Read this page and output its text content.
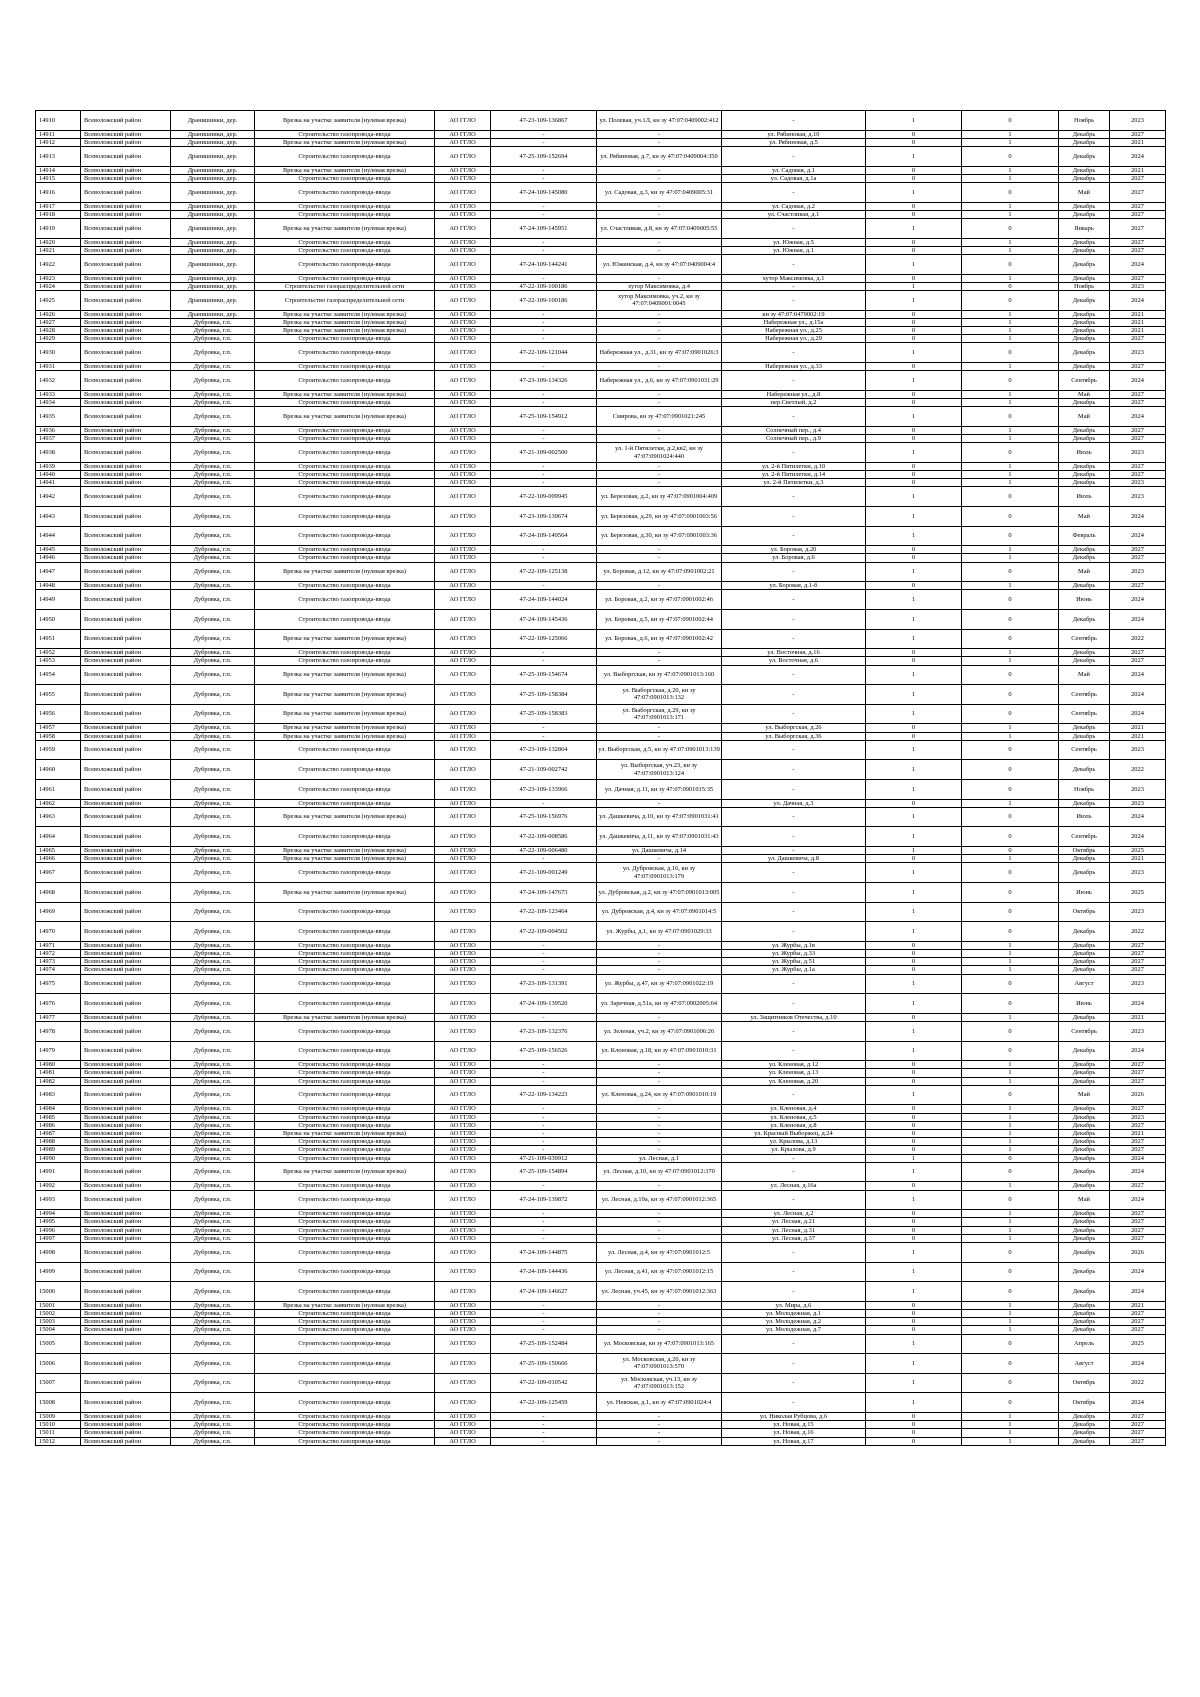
14910	Всеволожский район	Дранишники, дер.	Врезка на участке заявителя (нулевая врезка)	АО ГГЛО	47-23-109-136867	ул. Полевая, уч.1Л, кн зу 47:07:0409002:412	-	1	0	Ноябрь	2023
14911	Всеволожский район	Дранишники, дер.	Строительство газопровода-ввода	АО ГГЛО	-	-	ул. Рябиновая, д.10	0	1	Декабрь	2027
14912	Всеволожский район	Дранишники, дер.	Врезка на участке заявителя (нулевая врезка)	АО ГГЛО	-	-	ул. Рябиновая, д.5	0	1	Декабрь	2021
14913	Всеволожский район	Дранишники, дер.	Строительство газопровода-ввода	АО ГГЛО	47-25-109-152694	ул. Рябиновая, д.7, кн зу 47:07:0409004:350	-	1	0	Декабрь	2024
14914	Всеволожский район	Дранишники, дер.	Врезка на участке заявителя (нулевая врезка)	АО ГГЛО	-	-	ул. Садовая, д.1	0	1	Декабрь	2021
14915	Всеволожский район	Дранишники, дер.	Строительство газопровода-ввода	АО ГГЛО	-	-	ул. Садовая, д.1а	0	1	Декабрь	2027
14916	Всеволожский район	Дранишники, дер.	Строительство газопровода-ввода	АО ГГЛО	47-24-109-145080	ул. Садовая, д.3, кн зу 47:07:0409005:31	-	1	0	Май	2027
14917	Всеволожский район	Дранишники, дер.	Строительство газопровода-ввода	АО ГГЛО	-	-	ул. Садовая, д.2	0	1	Декабрь	2027
14918	Всеволожский район	Дранишники, дер.	Строительство газопровода-ввода	АО ГГЛО	-	-	ул. Счастливая, д.1	0	1	Декабрь	2027
14919	Всеволожский район	Дранишники, дер.	Врезка на участке заявителя (нулевая врезка)	АО ГГЛО	47-24-109-145951	ул. Счастливая, д.8, кн зу 47:07:0409005:55	-	1	0	Январь	2027
14920	Всеволожский район	Дранишники, дер.	Строительство газопровода-ввода	АО ГГЛО	-	-	ул. Южная, д.5	0	1	Декабрь	2027
14921	Всеволожский район	Дранишники, дер.	Строительство газопровода-ввода	АО ГГЛО	-	-	ул. Южная, д.1	0	1	Декабрь	2027
14922	Всеволожский район	Дранишники, дер.	Строительство газопровода-ввода	АО ГГЛО	47-24-109-144241	ул. Южинская, д.4, кн зу 47:07:0409004:4	-	1	0	Декабрь	2024
14923	Всеволожский район	Дранишники, дер.	Строительство газопровода-ввода	АО ГГЛО	-	-	хутор Максимовка, д.1	0	1	Декабрь	2027
14924	Всеволожский район	Дранишники, дер.	Строительство газораспределительной сети	АО ГГЛО	47-22-109-100186	хутор Максимовка, д.4	-	1	0	Ноябрь	2023
14925	Всеволожский район	Дранишники, дер.	Строительство газораспределительной сети	АО ГГЛО	47-22-109-100186	хутор Максимовка, уч.2, кн зу 47:07:0409001:0045	-	1	0	Декабрь	2024
14926	Всеволожский район	Дранишники, дер.	Врезка на участке заявителя (нулевая врезка)	АО ГГЛО	-	-	кн зу 47:07:0479002:19	0	1	Декабрь	2021
14927	Всеволожский район	Дубровка, г.п.	Врезка на участке заявителя (нулевая врезка)	АО ГГЛО	-	-	Набережная ул., д.15а	0	1	Декабрь	2021
14928	Всеволожский район	Дубровка, г.п.	Врезка на участке заявителя (нулевая врезка)	АО ГГЛО	-	-	Набережная ул., д.25	0	1	Декабрь	2021
14929	Всеволожский район	Дубровка, г.п.	Строительство газопровода-ввода	АО ГГЛО	-	-	Набережная ул., д.29	0	1	Декабрь	2027
14930	Всеволожский район	Дубровка, г.п.	Строительство газопровода-ввода	АО ГГЛО	47-22-109-121044	Набережная ул., д.31, кн зу 47:07:0901026:3	-	1	0	Декабрь	2023
14931	Всеволожский район	Дубровка, г.п.	Строительство газопровода-ввода	АО ГГЛО	-	-	Набережная ул., д.33	0	1	Декабрь	2027
14932	Всеволожский район	Дубровка, г.п.	Строительство газопровода-ввода	АО ГГЛО	47-23-109-134326	Набережная ул., д.6, кн зу 47:07:0901031:29	-	1	0	Сентябрь	2024
14933	Всеволожский район	Дубровка, г.п.	Врезка на участке заявителя (нулевая врезка)	АО ГГЛО	-	-	Набережная ул., д.8	0	1	Май	2027
14934	Всеволожский район	Дубровка, г.п.	Строительство газопровода-ввода	АО ГГЛО	-	-	пер.Светлый, д.2	0	1	Декабрь	2027
14935	Всеволожский район	Дубровка, г.п.	Врезка на участке заявителя (нулевая врезка)	АО ГГЛО	47-25-109-154912	Смирова, кн зу 47:07:0901021:245	-	1	0	Май	2024
14936	Всеволожский район	Дубровка, г.п.	Строительство газопровода-ввода	АО ГГЛО	-	-	Солнечный пер., д.4	0	1	Декабрь	2027
14937	Всеволожский район	Дубровка, г.п.	Строительство газопровода-ввода	АО ГГЛО	-	-	Солнечный пер., д.9	0	1	Декабрь	2027
14938	Всеволожский район	Дубровка, г.п.	Строительство газопровода-ввода	АО ГГЛО	47-21-109-002500	ул. 1-й Пятилетки, д.2,кв2, кн зу 47:07:0901024:440	-	1	0	Июль	2023
14939	Всеволожский район	Дубровка, г.п.	Строительство газопровода-ввода	АО ГГЛО	-	-	ул. 2-й Пятилетки, д.10	0	1	Декабрь	2027
14940	Всеволожский район	Дубровка, г.п.	Строительство газопровода-ввода	АО ГГЛО	-	-	ул. 2-й Пятилетки, д.14	0	1	Декабрь	2027
14941	Всеволожский район	Дубровка, г.п.	Строительство газопровода-ввода	АО ГГЛО	-	-	ул. 2-й Пятилетки, д.3	0	1	Декабрь	2023
14942	Всеволожский район	Дубровка, г.п.	Строительство газопровода-ввода	АО ГГЛО	47-22-109-009945	ул. Березовая, д.2, кн зу 47:07:0901004:409	-	1	0	Июль	2023
14943	Всеволожский район	Дубровка, г.п.	Строительство газопровода-ввода	АО ГГЛО	47-23-109-139674	ул. Березовая, д.29, кн зу 47:07:0901003:56	-	1	0	Май	2024
14944	Всеволожский район	Дубровка, г.п.	Строительство газопровода-ввода	АО ГГЛО	47-24-109-149564	ул. Березовая, д.30, кн зу 47:07:0901003:36	-	1	0	Февраль	2024
14945	Всеволожский район	Дубровка, г.п.	Строительство газопровода-ввода	АО ГГЛО	-	-	ул. Боровая, д.20	0	1	Декабрь	2027
14946	Всеволожский район	Дубровка, г.п.	Строительство газопровода-ввода	АО ГГЛО	-	-	ул. Боровая, д.6	0	1	Декабрь	2027
14947	Всеволожский район	Дубровка, г.п.	Врезка на участке заявителя (нулевая врезка)	АО ГГЛО	47-22-109-125138	ул. Боровая, д.12, кн зу 47:07:0901002:21	-	1	0	Май	2023
14948	Всеволожский район	Дубровка, г.п.	Строительство газопровода-ввода	АО ГГЛО	-	-	ул. Боровая, д.1-б	0	1	Декабрь	2027
14949	Всеволожский район	Дубровка, г.п.	Строительство газопровода-ввода	АО ГГЛО	47-24-109-144024	ул. Боровая, д.2, кн зу 47:07:0901002:46	-	1	0	Июнь	2024
14950	Всеволожский район	Дубровка, г.п.	Строительство газопровода-ввода	АО ГГЛО	47-24-109-145436	ул. Боровая, д.5, кн зу 47:07:0901002:44	-	1	0	Декабрь	2024
14951	Всеволожский район	Дубровка, г.п.	Врезка на участке заявителя (нулевая врезка)	АО ГГЛО	47-22-109-125066	ул. Боровая, д.6, кн зу 47:07:0901002:42	-	1	0	Сентябрь	2022
14952	Всеволожский район	Дубровка, г.п.	Строительство газопровода-ввода	АО ГГЛО	-	-	ул. Восточная, д.16	0	1	Декабрь	2027
14953	Всеволожский район	Дубровка, г.п.	Строительство газопровода-ввода	АО ГГЛО	-	-	ул. Восточная, д.6	0	1	Декабрь	2027
14954	Всеволожский район	Дубровка, г.п.	Врезка на участке заявителя (нулевая врезка)	АО ГГЛО	47-25-109-154674	ул. Выборгская, кн зу 47:07:0901013:160	-	1	0	Май	2024
14955	Всеволожский район	Дубровка, г.п.	Врезка на участке заявителя (нулевая врезка)	АО ГГЛО	47-25-109-158384	ул. Выборгская, д.20, кн зу 47:07:0901013:132	-	1	0	Сентябрь	2024
14956	Всеволожский район	Дубровка, г.п.	Врезка на участке заявителя (нулевая врезка)	АО ГГЛО	47-25-109-158383	ул. Выборгская, д.29, кн зу 47:07:0901013:171	-	1	0	Сентябрь	2024
14957	Всеволожский район	Дубровка, г.п.	Врезка на участке заявителя (нулевая врезка)	АО ГГЛО	-	-	ул. Выборгская, д.26	0	1	Декабрь	2021
14958	Всеволожский район	Дубровка, г.п.	Врезка на участке заявителя (нулевая врезка)	АО ГГЛО	-	-	ул. Выборгская, д.36	0	1	Декабрь	2021
14959	Всеволожский район	Дубровка, г.п.	Строительство газопровода-ввода	АО ГГЛО	47-23-109-132864	ул. Выборгская, д.5, кн зу 47:07:0901013:139	-	1	0	Сентябрь	2023
14960	Всеволожский район	Дубровка, г.п.	Строительство газопровода-ввода	АО ГГЛО	47-21-109-002742	ул. Выборгская, уч.23, кн зу 47:07:0901013:124	-	1	0	Декабрь	2022
14961	Всеволожский район	Дубровка, г.п.	Строительство газопровода-ввода	АО ГГЛО	47-23-109-133966	ул. Дачная, д.11, кн зу 47:07:0901015:35	-	1	0	Ноябрь	2023
14962	Всеволожский район	Дубровка, г.п.	Строительство газопровода-ввода	АО ГГЛО	-	-	ул. Дачная, д.3	0	1	Декабрь	2023
14963	Всеволожский район	Дубровка, г.п.	Врезка на участке заявителя (нулевая врезка)	АО ГГЛО	47-25-109-156976	ул. Дашкевича, д.10, кн зу 47:07:0901031:41	-	1	0	Июль	2024
14964	Всеволожский район	Дубровка, г.п.	Строительство газопровода-ввода	АО ГГЛО	47-22-109-008586	ул. Дашкевича, д.11, кн зу 47:07:0901031:43	-	1	0	Сентябрь	2024
14965	Всеволожский район	Дубровка, г.п.	Врезка на участке заявителя (нулевая врезка)	АО ГГЛО	47-22-109-006480	ул. Дашкевича, д.14	-	1	0	Октябрь	2025
14966	Всеволожский район	Дубровка, г.п.	Врезка на участке заявителя (нулевая врезка)	АО ГГЛО	-	-	ул. Дашкевича, д.8	0	1	Декабрь	2021
14967	Всеволожский район	Дубровка, г.п.	Строительство газопровода-ввода	АО ГГЛО	47-21-109-001249	ул. Дубровская, д.16, кн зу 47:07:0901013:179	-	1	0	Декабрь	2023
14968	Всеволожский район	Дубровка, г.п.	Врезка на участке заявителя (нулевая врезка)	АО ГГЛО	47-24-109-147673	ул. Дубровская, д.2, кн зу 47:07:0901013:005	-	1	0	Июнь	2025
14969	Всеволожский район	Дубровка, г.п.	Строительство газопровода-ввода	АО ГГЛО	47-22-109-123464	ул. Дубровская, д.4, кн зу 47:07:0901014:5	-	1	0	Октябрь	2023
14970	Всеволожский район	Дубровка, г.п.	Строительство газопровода-ввода	АО ГГЛО	47-22-109-004502	ул. Журбы, д.1, кн зу 47:07:0901029:33	-	1	0	Декабрь	2022
14971	Всеволожский район	Дубровка, г.п.	Строительство газопровода-ввода	АО ГГЛО	-	-	ул. Журбы, д.1в	0	1	Декабрь	2027
14972	Всеволожский район	Дубровка, г.п.	Строительство газопровода-ввода	АО ГГЛО	-	-	ул. Журбы, д.33	0	1	Декабрь	2027
14973	Всеволожский район	Дубровка, г.п.	Строительство газопровода-ввода	АО ГГЛО	-	-	ул. Журбы, д.51	0	1	Декабрь	2027
14974	Всеволожский район	Дубровка, г.п.	Строительство газопровода-ввода	АО ГГЛО	-	-	ул. Журбы, д.1а	0	1	Декабрь	2027
14975	Всеволожский район	Дубровка, г.п.	Строительство газопровода-ввода	АО ГГЛО	47-23-109-131391	ул. Журбы, д.47, кн зу 47:07:0901022:19	-	1	0	Август	2023
14976	Всеволожский район	Дубровка, г.п.	Строительство газопровода-ввода	АО ГГЛО	47-24-109-139520	ул. Заречная, д.51а, кн зу 47:07:0902005:64	-	1	0	Июнь	2024
14977	Всеволожский район	Дубровка, г.п.	Врезка на участке заявителя (нулевая врезка)	АО ГГЛО	-	-	ул. Защитников Отечества, д.10	0	1	Декабрь	2021
14978	Всеволожский район	Дубровка, г.п.	Строительство газопровода-ввода	АО ГГЛО	47-23-109-132376	ул. Зеленая, уч.2, кн зу 47:07:0901006:26	-	1	0	Сентябрь	2023
14979	Всеволожский район	Дубровка, г.п.	Строительство газопровода-ввода	АО ГГЛО	47-25-109-156526	ул. Клоновая, д.18, кн зу 47:07:0901010:31	-	1	0	Декабрь	2024
14980	Всеволожский район	Дубровка, г.п.	Строительство газопровода-ввода	АО ГГЛО	-	-	ул. Кленовая, д.12	0	1	Декабрь	2027
14981	Всеволожский район	Дубровка, г.п.	Строительство газопровода-ввода	АО ГГЛО	-	-	ул. Кленовая, д.13	0	1	Декабрь	2027
14982	Всеволожский район	Дубровка, г.п.	Строительство газопровода-ввода	АО ГГЛО	-	-	ул. Кленовая, д.20	0	1	Декабрь	2027
14983	Всеволожский район	Дубровка, г.п.	Строительство газопровода-ввода	АО ГГЛО	47-22-109-134223	ул. Кленовая, д.24, кн зу 47:07:0901010:19	-	1	0	Май	2026
14984	Всеволожский район	Дубровка, г.п.	Строительство газопровода-ввода	АО ГГЛО	-	-	ул. Кленовая, д.4	0	1	Декабрь	2027
14985	Всеволожский район	Дубровка, г.п.	Строительство газопровода-ввода	АО ГГЛО	-	-	ул. Кленовая, д.5	0	1	Декабрь	2023
14986	Всеволожский район	Дубровка, г.п.	Строительство газопровода-ввода	АО ГГЛО	-	-	ул. Кленовая, д.8	0	1	Декабрь	2027
14987	Всеволожский район	Дубровка, г.п.	Врезка на участке заявителя (нулевая врезка)	АО ГГЛО	-	-	ул. Красный Выборжец, д.24	0	1	Декабрь	2021
14988	Всеволожский район	Дубровка, г.п.	Строительство газопровода-ввода	АО ГГЛО	-	-	ул. Крылова, д.13	0	1	Декабрь	2027
14989	Всеволожский район	Дубровка, г.п.	Строительство газопровода-ввода	АО ГГЛО	-	-	ул. Крылова, д.9	0	1	Декабрь	2027
14990	Всеволожский район	Дубровка, г.п.	Строительство газопровода-ввода	АО ГГЛО	47-21-109-039912	ул. Лесная, д.1	-	1	0	Декабрь	2024
14991	Всеволожский район	Дубровка, г.п.	Врезка на участке заявителя (нулевая врезка)	АО ГГЛО	47-25-109-154894	ул. Лесная, д.10, кн зу 47:07:0901012:370	-	1	0	Декабрь	2024
14992	Всеволожский район	Дубровка, г.п.	Строительство газопровода-ввода	АО ГГЛО	-	-	ул. Лесная, д.16а	0	1	Декабрь	2027
14993	Всеволожский район	Дубровка, г.п.	Строительство газопровода-ввода	АО ГГЛО	47-24-109-139872	ул. Лесная, д.19а, кн зу 47:07:0901012:365	-	1	0	Май	2024
14994	Всеволожский район	Дубровка, г.п.	Строительство газопровода-ввода	АО ГГЛО	-	-	ул. Лесная, д.2	0	1	Декабрь	2027
14995	Всеволожский район	Дубровка, г.п.	Строительство газопровода-ввода	АО ГГЛО	-	-	ул. Лесная, д.21	0	1	Декабрь	2027
14996	Всеволожский район	Дубровка, г.п.	Строительство газопровода-ввода	АО ГГЛО	-	-	ул. Лесная, д.31	0	1	Декабрь	2027
14997	Всеволожский район	Дубровка, г.п.	Строительство газопровода-ввода	АО ГГЛО	-	-	ул. Лесная, д.37	0	1	Декабрь	2027
14998	Всеволожский район	Дубровка, г.п.	Строительство газопровода-ввода	АО ГГЛО	47-24-109-144875	ул. Лесная, д.4, кн зу 47:07:0901012:5	-	1	0	Декабрь	2026
14999	Всеволожский район	Дубровка, г.п.	Строительство газопровода-ввода	АО ГГЛО	47-24-109-144436	ул. Лесная, д.41, кн зу 47:07:0901012:15	-	1	0	Декабрь	2024
15000	Всеволожский район	Дубровка, г.п.	Строительство газопровода-ввода	АО ГГЛО	47-24-109-146627	ул. Лесная, уч.45, кн зу 47:07:0901012:363	-	1	0	Декабрь	2024
15001	Всеволожский район	Дубровка, г.п.	Врезка на участке заявителя (нулевая врезка)	АО ГГЛО	-	-	ул. Мира, д.6	0	1	Декабрь	2021
15002	Всеволожский район	Дубровка, г.п.	Строительство газопровода-ввода	АО ГГЛО	-	-	ул. Молодежная, д.1	0	1	Декабрь	2027
15003	Всеволожский район	Дубровка, г.п.	Строительство газопровода-ввода	АО ГГЛО	-	-	ул. Молодежная, д.2	0	1	Декабрь	2027
15004	Всеволожский район	Дубровка, г.п.	Строительство газопровода-ввода	АО ГГЛО	-	-	ул. Молодежная, д.7	0	1	Декабрь	2027
15005	Всеволожский район	Дубровка, г.п.	Строительство газопровода-ввода	АО ГГЛО	47-25-109-152484	ул. Московская, кн зу 47:07:0901013:165	-	1	0	Апрель	2025
15006	Всеволожский район	Дубровка, г.п.	Строительство газопровода-ввода	АО ГГЛО	47-25-109-150666	ул. Московская, д.20, кн зу 47:07:0901013:570	-	1	0	Август	2024
15007	Всеволожский район	Дубровка, г.п.	Строительство газопровода-ввода	АО ГГЛО	47-22-109-010542	ул. Московская, уч.13, кн зу 47:07:0901013:152	-	1	0	Октябрь	2022
15008	Всеволожский район	Дубровка, г.п.	Строительство газопровода-ввода	АО ГГЛО	47-22-109-125459	ул. Невская, д.1, кн зу 47:07:0901024:4	-	1	0	Октябрь	2024
15009	Всеволожский район	Дубровка, г.п.	Строительство газопровода-ввода	АО ГГЛО	-	-	ул. Николая Рубцова, д.6	0	1	Декабрь	2027
15010	Всеволожский район	Дубровка, г.п.	Строительство газопровода-ввода	АО ГГЛО	-	-	ул. Новая, д.15	0	1	Декабрь	2027
15011	Всеволожский район	Дубровка, г.п.	Строительство газопровода-ввода	АО ГГЛО	-	-	ул. Новая, д.16	0	1	Декабрь	2027
15012	Всеволожский район	Дубровка, г.п.	Строительство газопровода-ввода	АО ГГЛО	-	-	ул. Новая, д.17	0	1	Декабрь	2027
